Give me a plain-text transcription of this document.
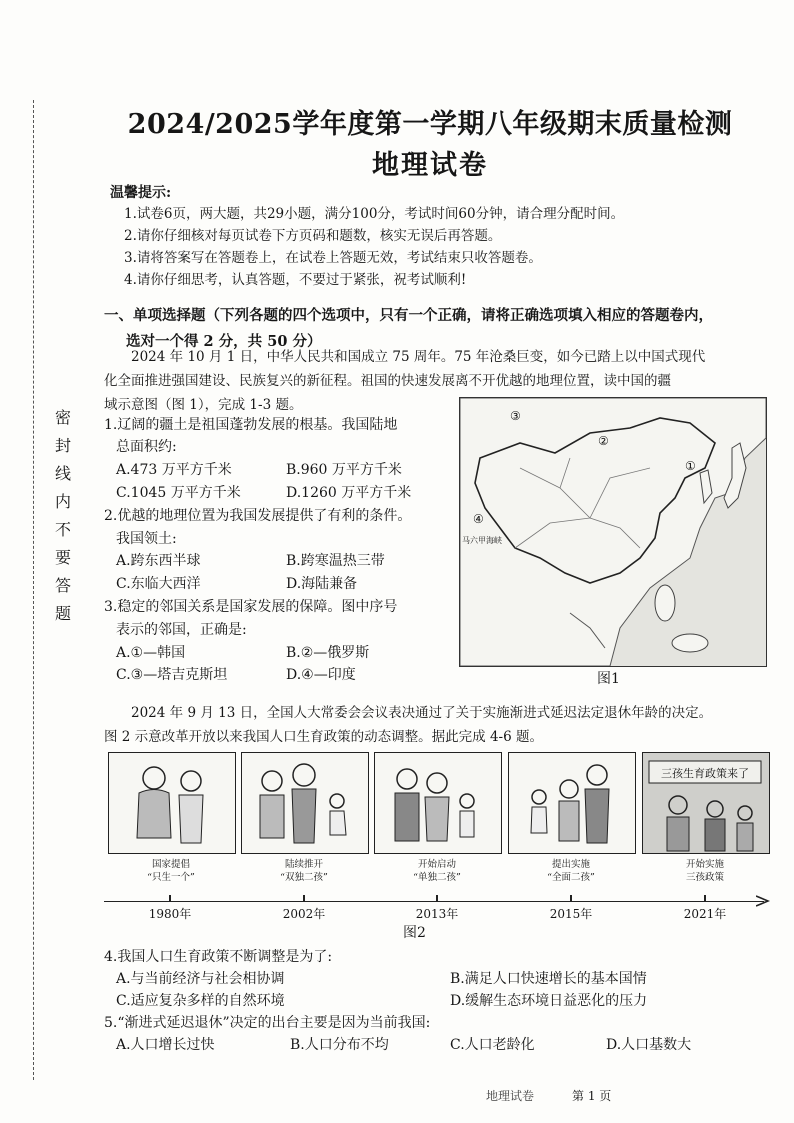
密
封
线
内
不
要
答
题
2024/2025学年度第一学期八年级期末质量检测
地理试卷
温馨提示:
1.试卷6页，两大题，共29小题，满分100分，考试时间60分钟，请合理分配时间。
2.请你仔细核对每页试卷下方页码和题数，核实无误后再答题。
3.请将答案写在答题卷上，在试卷上答题无效，考试结束只收答题卷。
4.请你仔细思考，认真答题，不要过于紧张，祝考试顺利!
一、单项选择题（下列各题的四个选项中，只有一个正确，请将正确选项填入相应的答题卷内，
选对一个得 2 分，共 50 分）
2024 年 10 月 1 日，中华人民共和国成立 75 周年。75 年沧桑巨变，如今已踏上以中国式现代
化全面推进强国建设、民族复兴的新征程。祖国的快速发展离不开优越的地理位置，读中国的疆
域示意图（图 1），完成 1-3 题。
1.辽阔的疆土是祖国蓬勃发展的根基。我国陆地
总面积约:
A.473 万平方千米	B.960 万平方千米
C.1045 万平方千米	D.1260 万平方千米
2.优越的地理位置为我国发展提供了有利的条件。
我国领土:
A.跨东西半球	B.跨寒温热三带
C.东临大西洋	D.海陆兼备
3.稳定的邻国关系是国家发展的保障。图中序号
表示的邻国，正确是:
A.①—韩国	B.②—俄罗斯
C.③—塔吉克斯坦	D.④—印度
③
②
①
④
马六甲海峡
图1
2024 年 9 月 13 日，全国人大常委会会议表决通过了关于实施渐进式延迟法定退休年龄的决定。
图 2 示意改革开放以来我国人口生育政策的动态调整。据此完成 4-6 题。
三孩生育政策来了
国家提倡
“只生一个”
陆续推开
“双独二孩”
开始启动
“单独二孩”
提出实施
“全面二孩”
开始实施
三孩政策
1980年	2002年	2013年	2015年	2021年
图2
4.我国人口生育政策不断调整是为了:
A.与当前经济与社会相协调	B.满足人口快速增长的基本国情
C.适应复杂多样的自然环境	D.缓解生态环境日益恶化的压力
5.“渐进式延迟退休”决定的出台主要是因为当前我国:
A.人口增长过快	B.人口分布不均	C.人口老龄化	D.人口基数大
地理试卷	第 1 页
